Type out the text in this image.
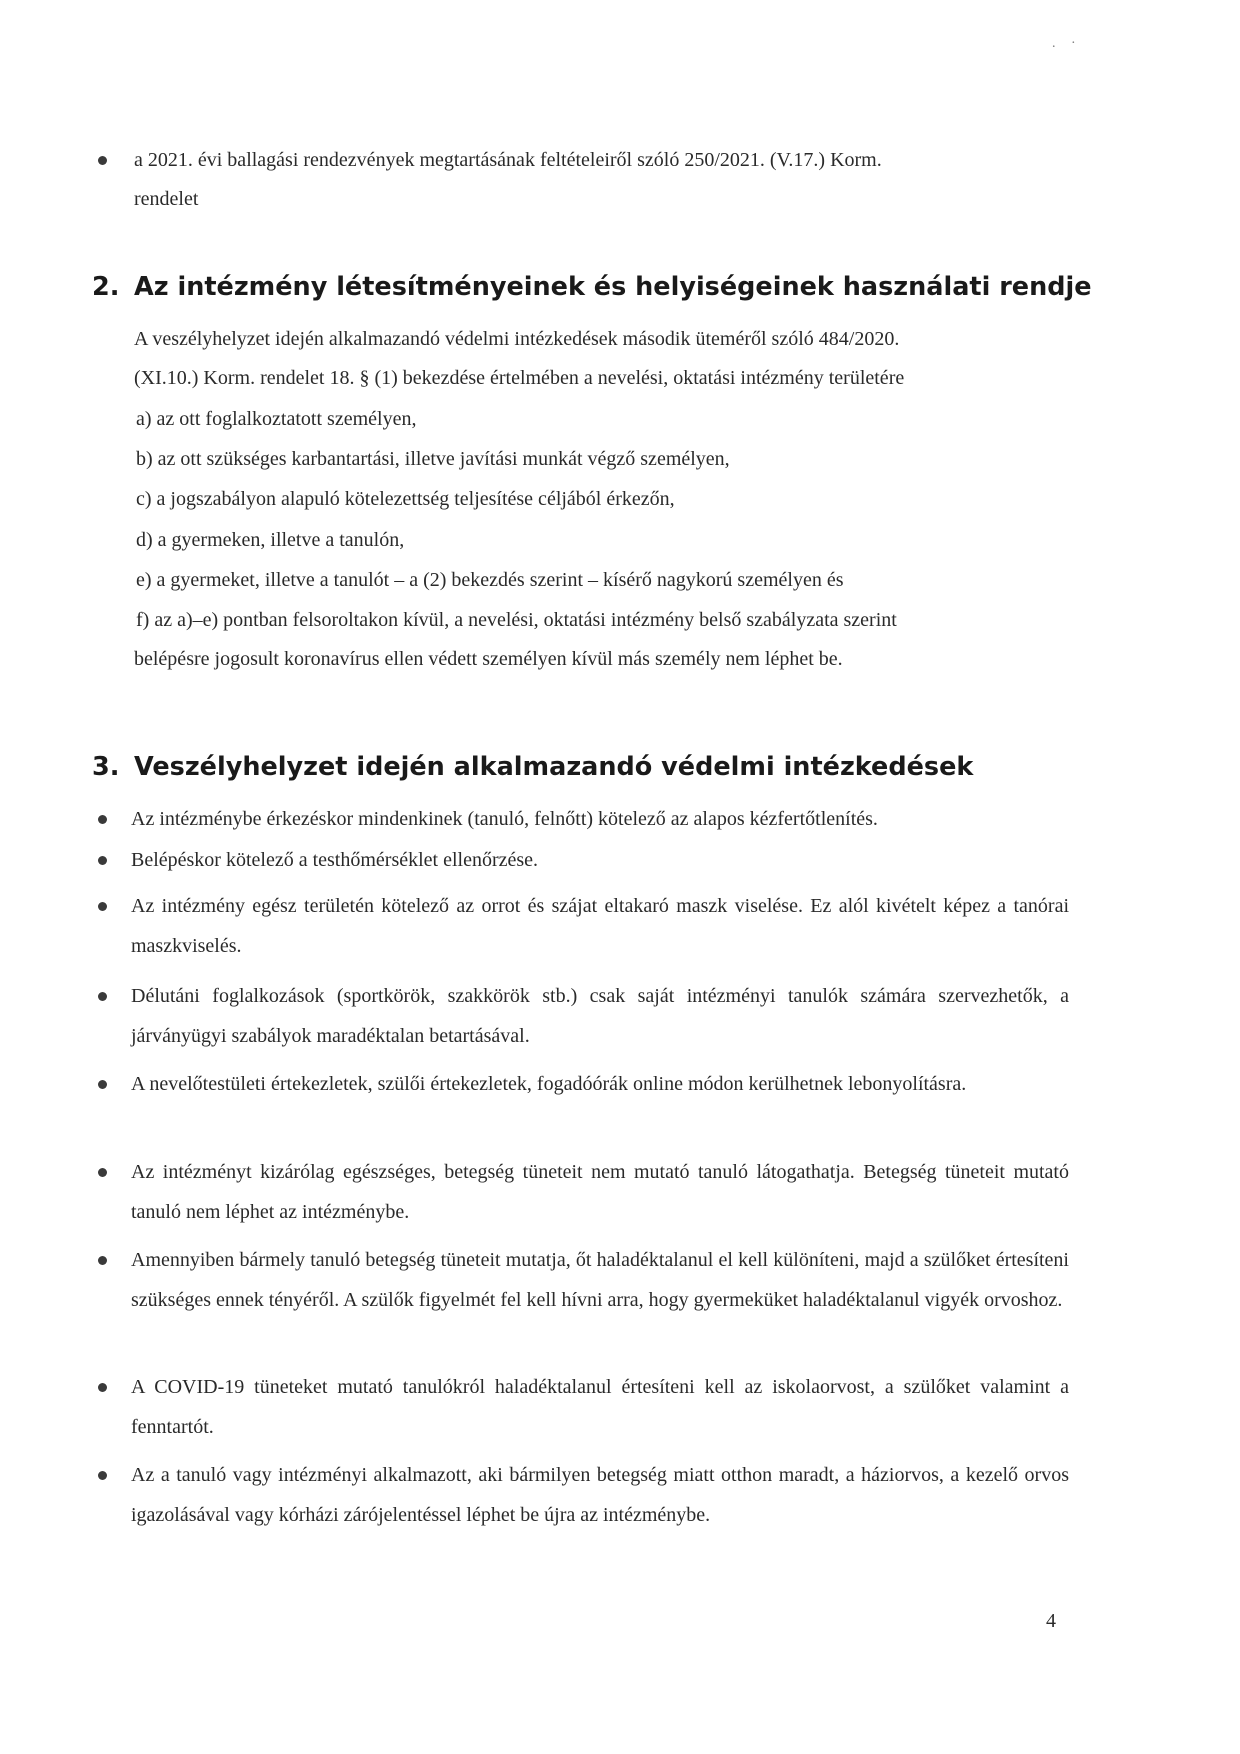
. ·
a 2021. évi ballagási rendezvények megtartásának feltételeiről szóló 250/2021. (V.17.) Korm.
rendelet
2. Az intézmény létesítményeinek és helyiségeinek használati rendje
A veszélyhelyzet idején alkalmazandó védelmi intézkedések második üteméről szóló 484/2020.
(XI.10.) Korm. rendelet 18. § (1) bekezdése értelmében a nevelési, oktatási intézmény területére
a) az ott foglalkoztatott személyen,
b) az ott szükséges karbantartási, illetve javítási munkát végző személyen,
c) a jogszabályon alapuló kötelezettség teljesítése céljából érkezőn,
d) a gyermeken, illetve a tanulón,
e) a gyermeket, illetve a tanulót – a (2) bekezdés szerint – kísérő nagykorú személyen és
f) az a)–e) pontban felsoroltakon kívül, a nevelési, oktatási intézmény belső szabályzata szerint
belépésre jogosult koronavírus ellen védett személyen kívül más személy nem léphet be.
3. Veszélyhelyzet idején alkalmazandó védelmi intézkedések
Az intézménybe érkezéskor mindenkinek (tanuló, felnőtt) kötelező az alapos kézfertőtlenítés.
Belépéskor kötelező a testhőmérséklet ellenőrzése.
Az intézmény egész területén kötelező az orrot és szájat eltakaró maszk viselése. Ez alól kivételt képez a tanórai maszkviselés.
Délutáni foglalkozások (sportkörök, szakkörök stb.) csak saját intézményi tanulók számára szervezhetők, a járványügyi szabályok maradéktalan betartásával.
A nevelőtestületi értekezletek, szülői értekezletek, fogadóórák online módon kerülhetnek lebonyolításra.
Az intézményt kizárólag egészséges, betegség tüneteit nem mutató tanuló látogathatja. Betegség tüneteit mutató tanuló nem léphet az intézménybe.
Amennyiben bármely tanuló betegség tüneteit mutatja, őt haladéktalanul el kell különíteni, majd a szülőket értesíteni szükséges ennek tényéről. A szülők figyelmét fel kell hívni arra, hogy gyermeküket haladéktalanul vigyék orvoshoz.
A COVID-19 tüneteket mutató tanulókról haladéktalanul értesíteni kell az iskolaorvost, a szülőket valamint a fenntartót.
Az a tanuló vagy intézményi alkalmazott, aki bármilyen betegség miatt otthon maradt, a háziorvos, a kezelő orvos igazolásával vagy kórházi zárójelentéssel léphet be újra az intézménybe.
4
